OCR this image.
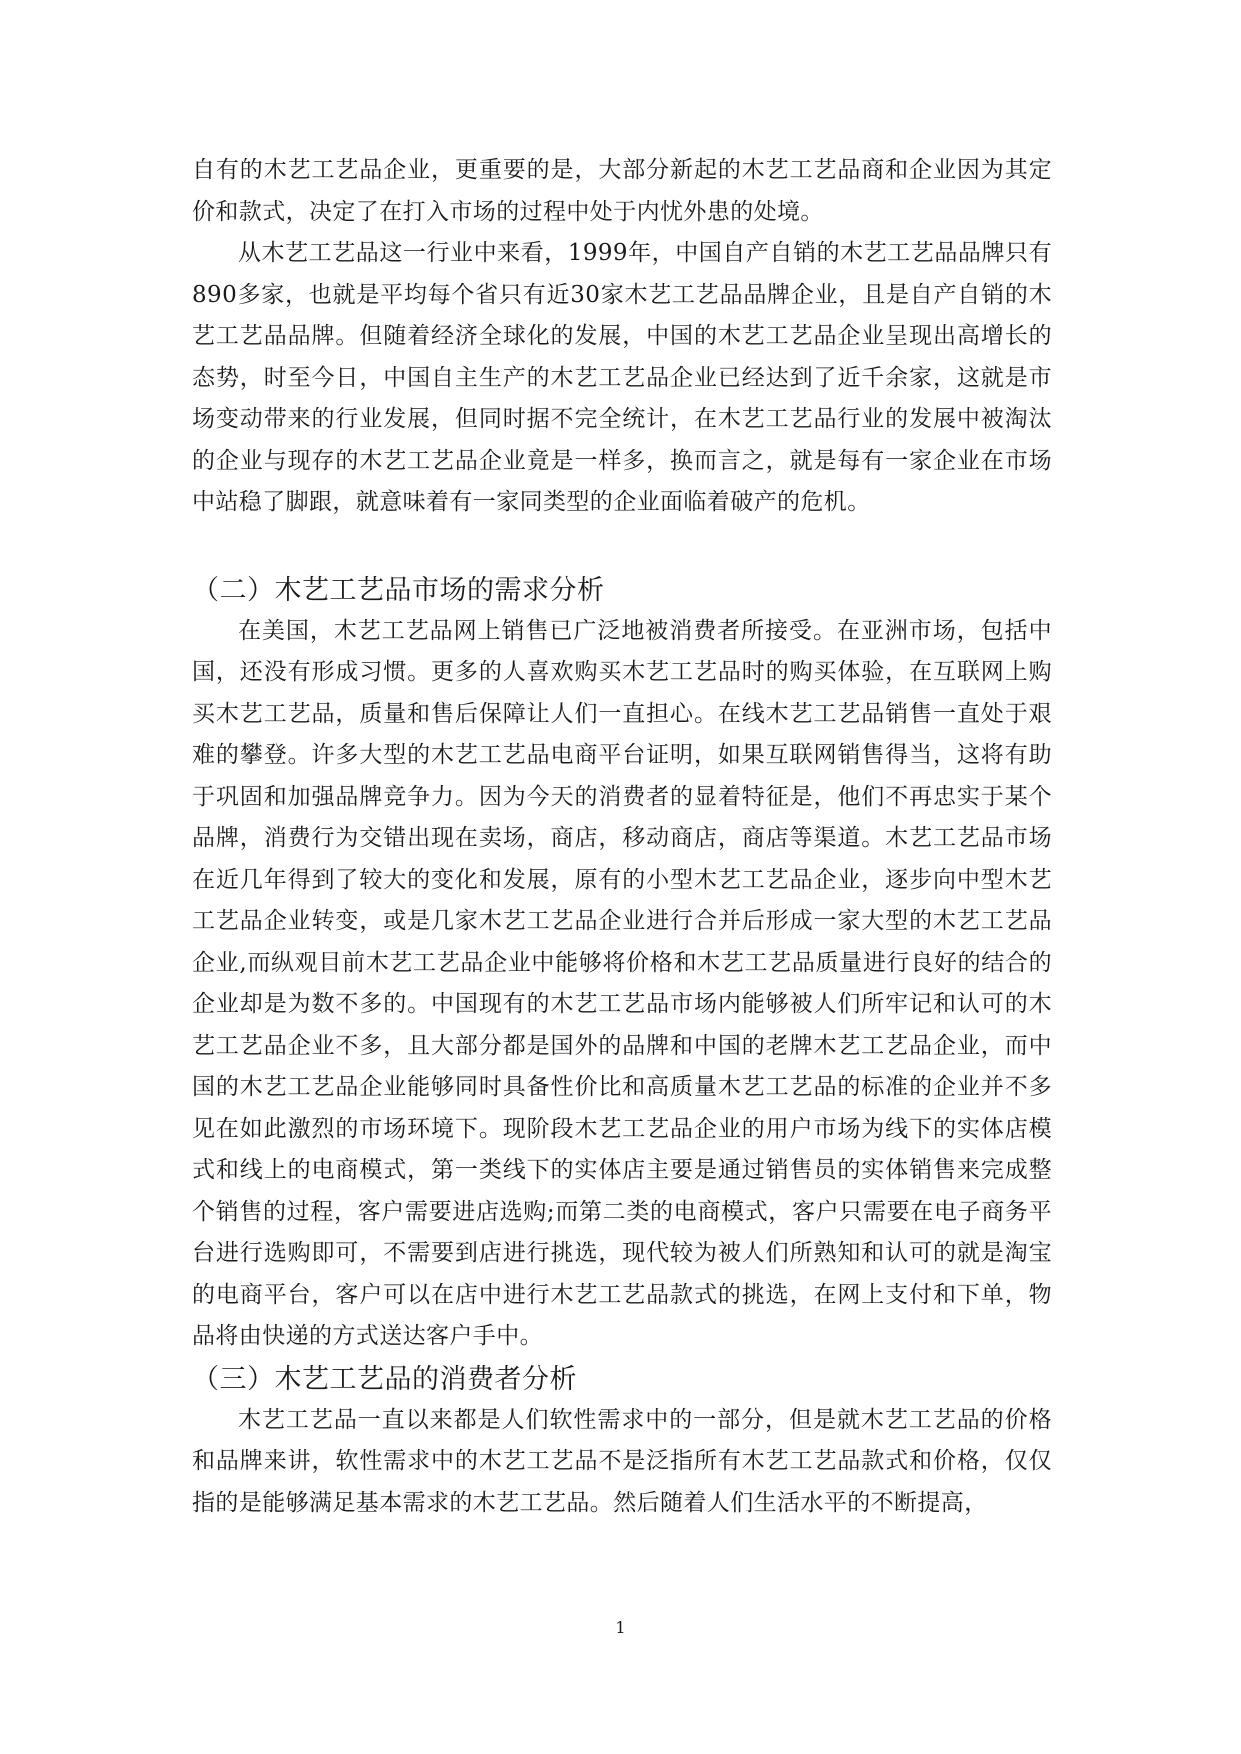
自有的木艺工艺品企业，更重要的是，大部分新起的木艺工艺品商和企业因为其定价和款式，决定了在打入市场的过程中处于内忧外患的处境。

从木艺工艺品这一行业中来看，1999年，中国自产自销的木艺工艺品品牌只有890多家，也就是平均每个省只有近30家木艺工艺品品牌企业，且是自产自销的木艺工艺品品牌。但随着经济全球化的发展，中国的木艺工艺品企业呈现出高增长的态势，时至今日，中国自主生产的木艺工艺品企业已经达到了近千余家，这就是市场变动带来的行业发展，但同时据不完全统计，在木艺工艺品行业的发展中被淘汰的企业与现存的木艺工艺品企业竟是一样多，换而言之，就是每有一家企业在市场中站稳了脚跟，就意味着有一家同类型的企业面临着破产的危机。

（二）木艺工艺品市场的需求分析

在美国，木艺工艺品网上销售已广泛地被消费者所接受。在亚洲市场，包括中国，还没有形成习惯。更多的人喜欢购买木艺工艺品时的购买体验，在互联网上购买木艺工艺品，质量和售后保障让人们一直担心。在线木艺工艺品销售一直处于艰难的攀登。许多大型的木艺工艺品电商平台证明，如果互联网销售得当，这将有助于巩固和加强品牌竞争力。因为今天的消费者的显着特征是，他们不再忠实于某个品牌，消费行为交错出现在卖场，商店，移动商店，商店等渠道。木艺工艺品市场在近几年得到了较大的变化和发展，原有的小型木艺工艺品企业，逐步向中型木艺工艺品企业转变，或是几家木艺工艺品企业进行合并后形成一家大型的木艺工艺品企业,而纵观目前木艺工艺品企业中能够将价格和木艺工艺品质量进行良好的结合的企业却是为数不多的。中国现有的木艺工艺品市场内能够被人们所牢记和认可的木艺工艺品企业不多，且大部分都是国外的品牌和中国的老牌木艺工艺品企业，而中国的木艺工艺品企业能够同时具备性价比和高质量木艺工艺品的标准的企业并不多见在如此激烈的市场环境下。现阶段木艺工艺品企业的用户市场为线下的实体店模式和线上的电商模式，第一类线下的实体店主要是通过销售员的实体销售来完成整个销售的过程，客户需要进店选购;而第二类的电商模式，客户只需要在电子商务平台进行选购即可，不需要到店进行挑选，现代较为被人们所熟知和认可的就是淘宝的电商平台，客户可以在店中进行木艺工艺品款式的挑选，在网上支付和下单，物品将由快递的方式送达客户手中。

（三）木艺工艺品的消费者分析

木艺工艺品一直以来都是人们软性需求中的一部分，但是就木艺工艺品的价格和品牌来讲，软性需求中的木艺工艺品不是泛指所有木艺工艺品款式和价格，仅仅指的是能够满足基本需求的木艺工艺品。然后随着人们生活水平的不断提高，

1
